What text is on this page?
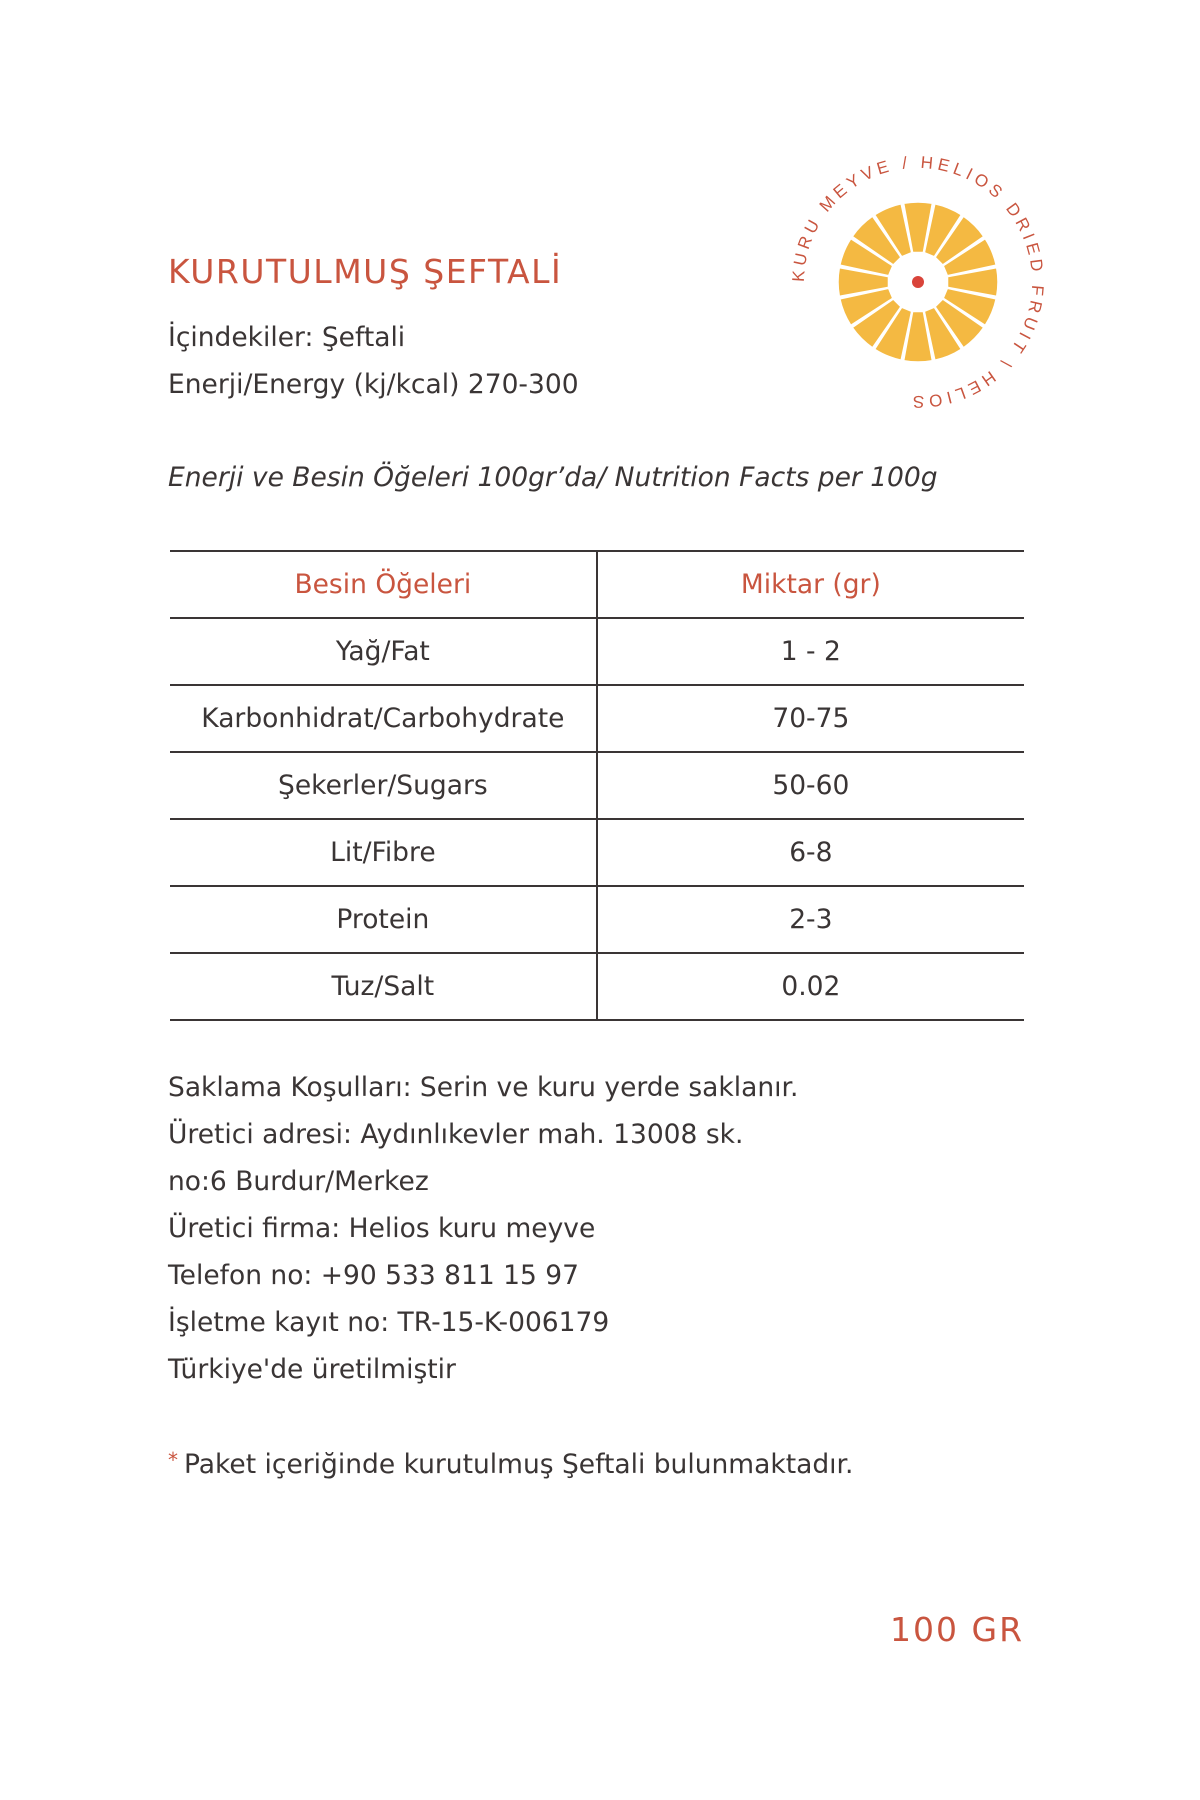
KURUTULMUŞ ŞEFTALİ
İçindekiler: Şeftali
Enerji/Energy (kj/kcal) 270-300
KURU MEYVE / HELIOS DRIED FRUIT \ HELIOS
Enerji ve Besin Öğeleri 100gr’da/ Nutrition Facts per 100g
Besin Öğeleri	Miktar (gr)
Yağ/Fat	1 - 2
Karbonhidrat/Carbohydrate	70-75
Şekerler/Sugars	50-60
Lit/Fibre	6-8
Protein	2-3
Tuz/Salt	0.02
Saklama Koşulları: Serin ve kuru yerde saklanır.
Üretici adresi: Aydınlıkevler mah. 13008 sk.
no:6 Burdur/Merkez
Üretici firma: Helios kuru meyve
Telefon no: +90 533 811 15 97
İşletme kayıt no: TR-15-K-006179
Türkiye'de üretilmiştir
* Paket içeriğinde kurutulmuş Şeftali bulunmaktadır.
100 GR
